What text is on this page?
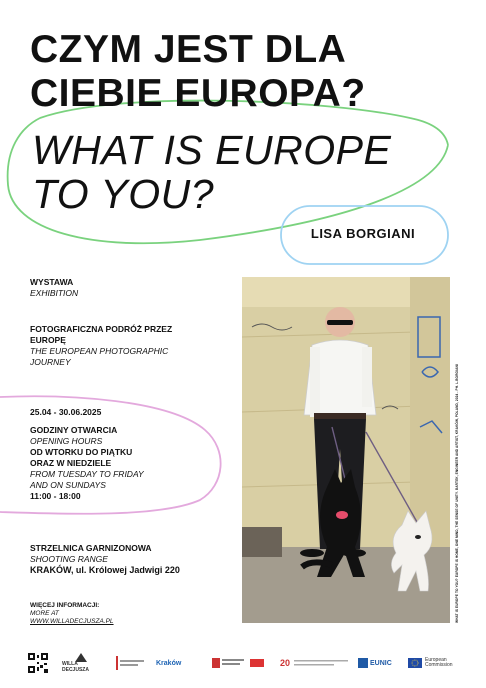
CZYM JEST DLA
CIEBIE EUROPA?
WHAT IS EUROPE
TO YOU?
LISA BORGIANI
WYSTAWA
EXHIBITION
FOTOGRAFICZNA PODRÓŻ PRZEZ
EUROPĘ
THE EUROPEAN PHOTOGRAPHIC
JOURNEY
25.04 - 30.06.2025
GODZINY OTWARCIA
OPENING HOURS
OD WTORKU DO PIĄTKU
ORAZ W NIEDZIELE
FROM TUESDAY TO FRIDAY
AND ON SUNDAYS
11:00 - 18:00
STRZELNICA GARNIZONOWA
SHOOTING RANGE
KRAKÓW, ul. Królowej Jadwigi 220	WHAT IS EUROPE TO YOU? EUROPE IS HOME, ONE MIND, THE SENSE OF UNITY. BARTEK, ENGINEER AND ARTIST, KRAKÓW, POLAND, 2024 - PH. L.BORGIANI
WIĘCEJ INFORMACJI:
MORE AT
WWW.WILLADECJUSZA.PL
WILLA DECJUSZA
Kraków	20	EUNIC	European
Commission
